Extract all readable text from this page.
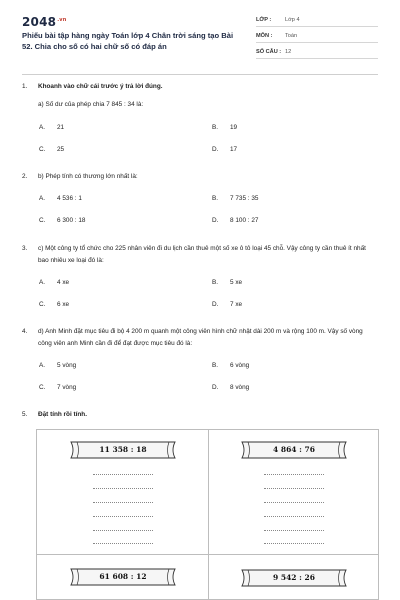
$2048^{.vn}$
Phiếu bài tập hàng ngày Toán lớp 4 Chân trời sáng tạo Bài 52. Chia cho số có hai chữ số có đáp án
LỚP : Lớp 4
MÔN : Toán
SỐ CÂU : 12
1.	Khoanh vào chữ cái trước ý trả lời đúng.
a) Số dư của phép chia 7 845 : 34 là:
A.	21	B.	19
C.	25	D.	17
2.	b) Phép tính có thương lớn nhất là:
A.	4 536 : 1	B.	7 735 : 35
C.	6 300 : 18	D.	8 100 : 27
3.	c) Một công ty tổ chức cho 225 nhân viên đi du lịch cần thuê một số xe ô tô loại 45 chỗ. Vậy công ty cần thuê ít nhất bao nhiêu xe loại đó là:
A.	4 xe	B.	5 xe
C.	6 xe	D.	7 xe
4.	d) Anh Minh đặt mục tiêu đi bộ 4 200 m quanh một công viên hình chữ nhật dài 200 m và rộng 100 m. Vậy số vòng công viên anh Minh cần đi để đạt được mục tiêu đó là:
A.	5 vòng	B.	6 vòng
C.	7 vòng	D.	8 vòng
5.	Đặt tính rồi tính.
11 358 : 18	4 864 : 76
61 608 : 12	9 542 : 26
